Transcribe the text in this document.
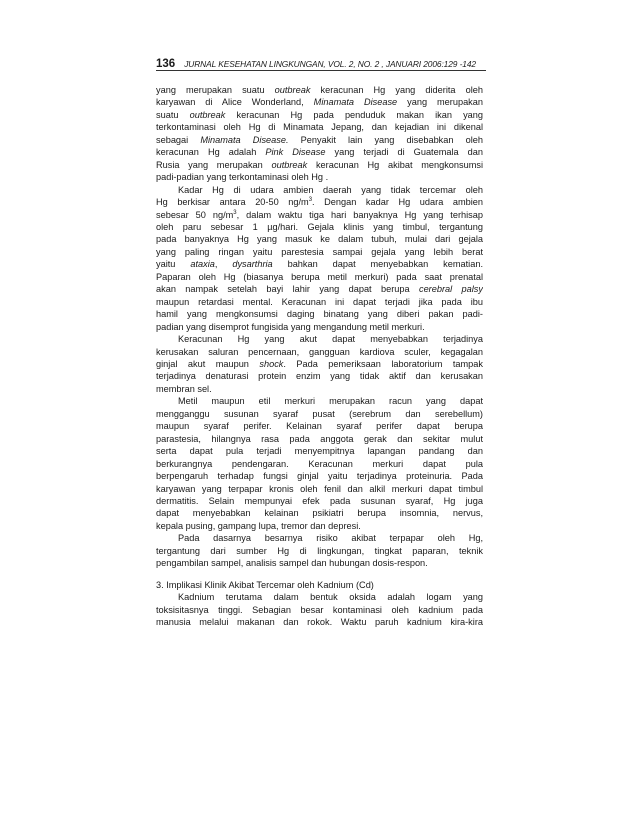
136 JURNAL KESEHATAN LINGKUNGAN, VOL. 2, NO. 2 , JANUARI 2006:129 -142
yang merupakan suatu outbreak keracunan Hg yang diderita oleh
karyawan di Alice Wonderland, Minamata Disease yang merupakan
suatu outbreak keracunan Hg pada penduduk makan ikan yang
terkontaminasi oleh Hg di Minamata Jepang, dan kejadian ini dikenal
sebagai Minamata Disease. Penyakit lain yang disebabkan oleh
keracunan Hg adalah Pink Disease yang terjadi di Guatemala dan
Rusia yang merupakan outbreak keracunan Hg akibat mengkonsumsi
padi-padian yang terkontaminasi oleh Hg .
Kadar Hg di udara ambien daerah yang tidak tercemar oleh
Hg berkisar antara 20-50 $ng/m^3$. Dengan kadar Hg udara ambien
sebesar 50 $ng/m^3$, dalam waktu tiga hari banyaknya Hg yang terhisap
oleh paru sebesar 1 µg/hari. Gejala klinis yang timbul, tergantung
pada banyaknya Hg yang masuk ke dalam tubuh, mulai dari gejala
yang paling ringan yaitu parestesia sampai gejala yang lebih berat
yaitu ataxia, dysarthria bahkan dapat menyebabkan kematian.
Paparan oleh Hg (biasanya berupa metil merkuri) pada saat prenatal
akan nampak setelah bayi lahir yang dapat berupa cerebral palsy
maupun retardasi mental. Keracunan ini dapat terjadi jika pada ibu
hamil yang mengkonsumsi daging binatang yang diberi pakan padi-
padian yang disemprot fungisida yang mengandung metil merkuri.
Keracunan Hg yang akut dapat menyebabkan terjadinya
kerusakan saluran pencernaan, gangguan kardiova sculer, kegagalan
ginjal akut maupun shock. Pada pemeriksaan laboratorium tampak
terjadinya denaturasi protein enzim yang tidak aktif dan kerusakan
membran sel.
Metil maupun etil merkuri merupakan racun yang dapat
mengganggu susunan syaraf pusat (serebrum dan serebellum)
maupun syaraf perifer. Kelainan syaraf perifer dapat berupa
parastesia, hilangnya rasa pada anggota gerak dan sekitar mulut
serta dapat pula terjadi menyempitnya lapangan pandang dan
berkurangnya pendengaran. Keracunan merkuri dapat pula
berpengaruh terhadap fungsi ginjal yaitu terjadinya proteinuria. Pada
karyawan yang terpapar kronis oleh fenil dan alkil merkuri dapat timbul
dermatitis. Selain mempunyai efek pada susunan syaraf, Hg juga
dapat menyebabkan kelainan psikiatri berupa insomnia, nervus,
kepala pusing, gampang lupa, tremor dan depresi.
Pada dasarnya besarnya risiko akibat terpapar oleh Hg,
tergantung dari sumber Hg di lingkungan, tingkat paparan, teknik
pengambilan sampel, analisis sampel dan hubungan dosis-respon.
3. Implikasi Klinik Akibat Tercemar oleh Kadnium (Cd)
Kadnium terutama dalam bentuk oksida adalah logam yang
toksisitasnya tinggi. Sebagian besar kontaminasi oleh kadnium pada
manusia melalui makanan dan rokok. Waktu paruh kadnium kira-kira
